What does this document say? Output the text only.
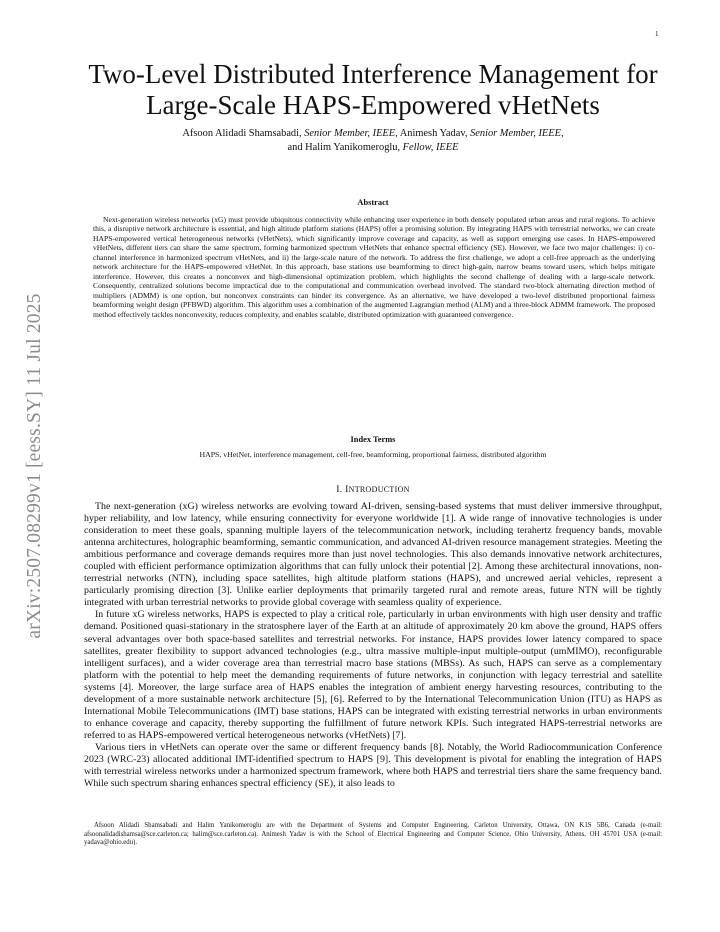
1
arXiv:2507.08299v1 [eess.SY] 11 Jul 2025
Two-Level Distributed Interference Management for
Large-Scale HAPS-Empowered vHetNets
Afsoon Alidadi Shamsabadi, Senior Member, IEEE, Animesh Yadav, Senior Member, IEEE,
and Halim Yanikomeroglu, Fellow, IEEE
Abstract
Next-generation wireless networks (xG) must provide ubiquitous connectivity while enhancing user experience in both densely populated urban areas and rural regions. To achieve this, a disruptive network architecture is essential, and high altitude platform stations (HAPS) offer a promising solution. By integrating HAPS with terrestrial networks, we can create HAPS-empowered vertical heterogeneous networks (vHetNets), which significantly improve coverage and capacity, as well as support emerging use cases. In HAPS-empowered vHetNets, different tiers can share the same spectrum, forming harmonized spectrum vHetNets that enhance spectral efficiency (SE). However, we face two major challenges: i) co-channel interference in harmonized spectrum vHetNets, and ii) the large-scale nature of the network. To address the first challenge, we adopt a cell-free approach as the underlying network architecture for the HAPS-empowered vHetNet. In this approach, base stations use beamforming to direct high-gain, narrow beams toward users, which helps mitigate interference. However, this creates a nonconvex and high-dimensional optimization problem, which highlights the second challenge of dealing with a large-scale network. Consequently, centralized solutions become impractical due to the computational and communication overhead involved. The standard two-block alternating direction method of multipliers (ADMM) is one option, but nonconvex constraints can hinder its convergence. As an alternative, we have developed a two-level distributed proportional fairness beamforming weight design (PFBWD) algorithm. This algorithm uses a combination of the augmented Lagrangian method (ALM) and a three-block ADMM framework. The proposed method effectively tackles nonconvexity, reduces complexity, and enables scalable, distributed optimization with guaranteed convergence.
Index Terms
HAPS, vHetNet, interference management, cell-free, beamforming, proportional fairness, distributed algorithm
I. INTRODUCTION

The next-generation (xG) wireless networks are evolving toward AI-driven, sensing-based systems that must deliver immersive throughput, hyper reliability, and low latency, while ensuring connectivity for everyone worldwide [1]. A wide range of innovative technologies is under consideration to meet these goals, spanning multiple layers of the telecommunication network, including terahertz frequency bands, movable antenna architectures, holographic beamforming, semantic communication, and advanced AI-driven resource management strategies. Meeting the ambitious performance and coverage demands requires more than just novel technologies. This also demands innovative network architectures, coupled with efficient performance optimization algorithms that can fully unlock their potential [2]. Among these architectural innovations, non-terrestrial networks (NTN), including space satellites, high altitude platform stations (HAPS), and uncrewed aerial vehicles, represent a particularly promising direction [3]. Unlike earlier deployments that primarily targeted rural and remote areas, future NTN will be tightly integrated with urban terrestrial networks to provide global coverage with seamless quality of experience.

In future xG wireless networks, HAPS is expected to play a critical role, particularly in urban environments with high user density and traffic demand. Positioned quasi-stationary in the stratosphere layer of the Earth at an altitude of approximately 20 km above the ground, HAPS offers several advantages over both space-based satellites and terrestrial networks. For instance, HAPS provides lower latency compared to space satellites, greater flexibility to support advanced technologies (e.g., ultra massive multiple-input multiple-output (umMIMO), reconfigurable intelligent surfaces), and a wider coverage area than terrestrial macro base stations (MBSs). As such, HAPS can serve as a complementary platform with the potential to help meet the demanding requirements of future networks, in conjunction with legacy terrestrial and satellite systems [4]. Moreover, the large surface area of HAPS enables the integration of ambient energy harvesting resources, contributing to the development of a more sustainable network architecture [5], [6]. Referred to by the International Telecommunication Union (ITU) as HAPS as International Mobile Telecommunications (IMT) base stations, HAPS can be integrated with existing terrestrial networks in urban environments to enhance coverage and capacity, thereby supporting the fulfillment of future network KPIs. Such integrated HAPS-terrestrial networks are referred to as HAPS-empowered vertical heterogeneous networks (vHetNets) [7].

Various tiers in vHetNets can operate over the same or different frequency bands [8]. Notably, the World Radiocommunication Conference 2023 (WRC-23) allocated additional IMT-identified spectrum to HAPS [9]. This development is pivotal for enabling the integration of HAPS with terrestrial wireless networks under a harmonized spectrum framework, where both HAPS and terrestrial tiers share the same frequency band. While such spectrum sharing enhances spectral efficiency (SE), it also leads to

Afsoon Alidadi Shamsabadi and Halim Yanikomeroglu are with the Department of Systems and Computer Engineering, Carleton University, Ottawa, ON K1S 5B6, Canada (e-mail: afsoonalidadishamsa@sce.carleton.ca; halim@sce.carleton.ca). Animesh Yadav is with the School of Electrical Engineering and Computer Science, Ohio University, Athens, OH 45701 USA (e-mail: yadava@ohio.edu).
